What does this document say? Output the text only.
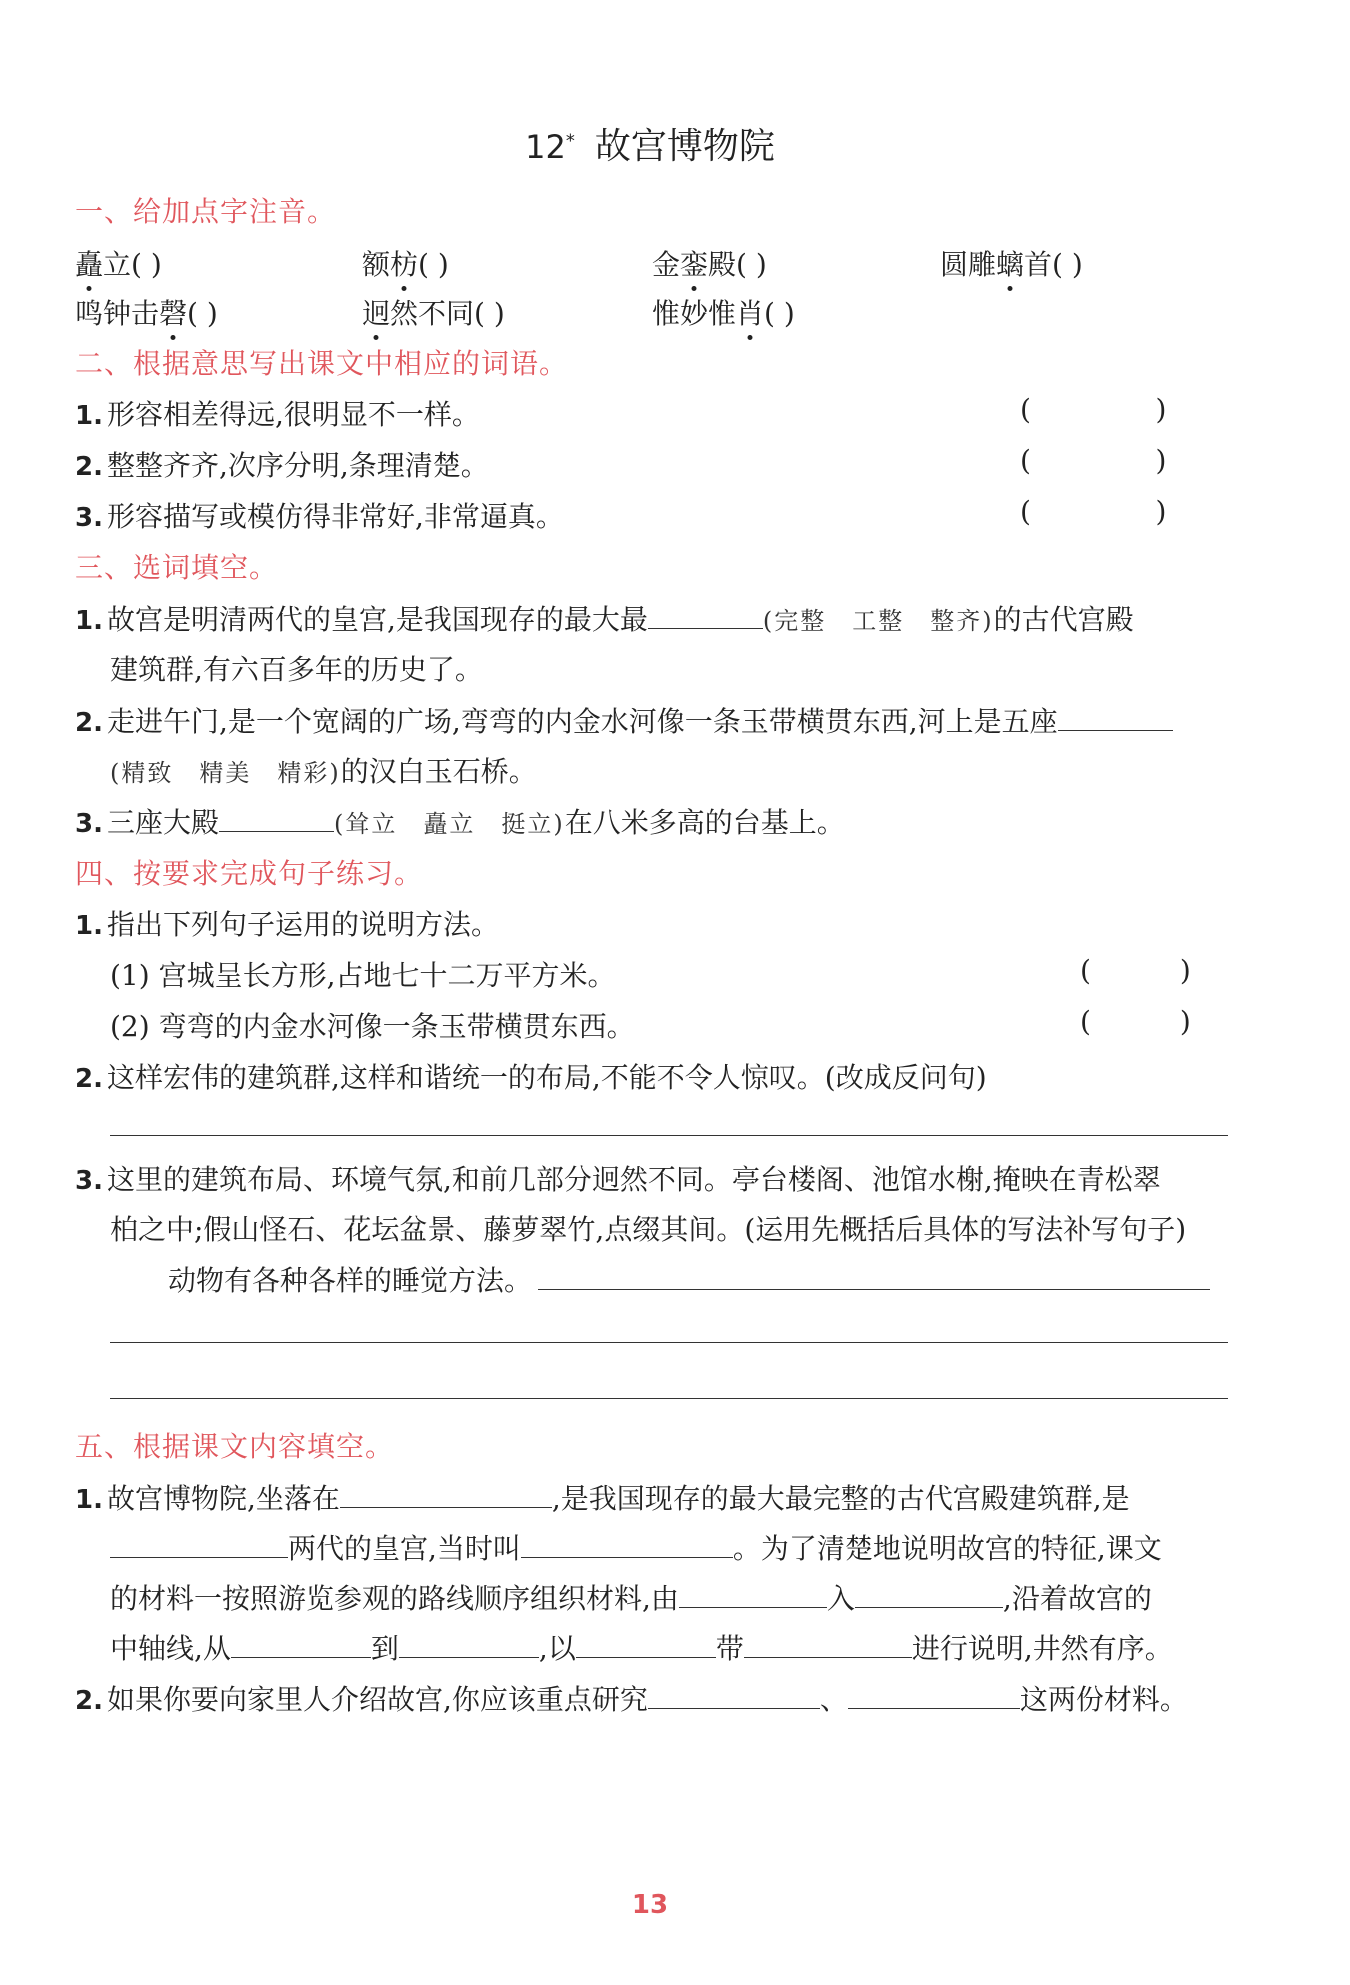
12* 故宫博物院
一、给加点字注音。
矗立( )	额枋( )	金銮殿( )	圆雕螭首( )
鸣钟击磬( )	迥然不同( )	惟妙惟肖( )
二、根据意思写出课文中相应的词语。
1. 形容相差得远,很明显不一样。	(              )
2. 整整齐齐,次序分明,条理清楚。	(              )
3. 形容描写或模仿得非常好,非常逼真。	(              )
三、选词填空。
1. 故宫是明清两代的皇宫,是我国现存的最大最	(完整　工整　整齐)的古代宫殿
建筑群,有六百多年的历史了。
2. 走进午门,是一个宽阔的广场,弯弯的内金水河像一条玉带横贯东西,河上是五座
(精致　精美　精彩)的汉白玉石桥。
3. 三座大殿	(耸立　矗立　挺立)在八米多高的台基上。
四、按要求完成句子练习。
1. 指出下列句子运用的说明方法。
(1) 宫城呈长方形,占地七十二万平方米。	(          )
(2) 弯弯的内金水河像一条玉带横贯东西。	(          )
2. 这样宏伟的建筑群,这样和谐统一的布局,不能不令人惊叹。(改成反问句)
3. 这里的建筑布局、环境气氛,和前几部分迥然不同。亭台楼阁、池馆水榭,掩映在青松翠
柏之中;假山怪石、花坛盆景、藤萝翠竹,点缀其间。(运用先概括后具体的写法补写句子)
动物有各种各样的睡觉方法。
五、根据课文内容填空。
1. 故宫博物院,坐落在	,是我国现存的最大最完整的古代宫殿建筑群,是
两代的皇宫,当时叫	。为了清楚地说明故宫的特征,课文
的材料一按照游览参观的路线顺序组织材料,由	入	,沿着故宫的
中轴线,从	到	,以	带	进行说明,井然有序。
2. 如果你要向家里人介绍故宫,你应该重点研究	、	这两份材料。
13
